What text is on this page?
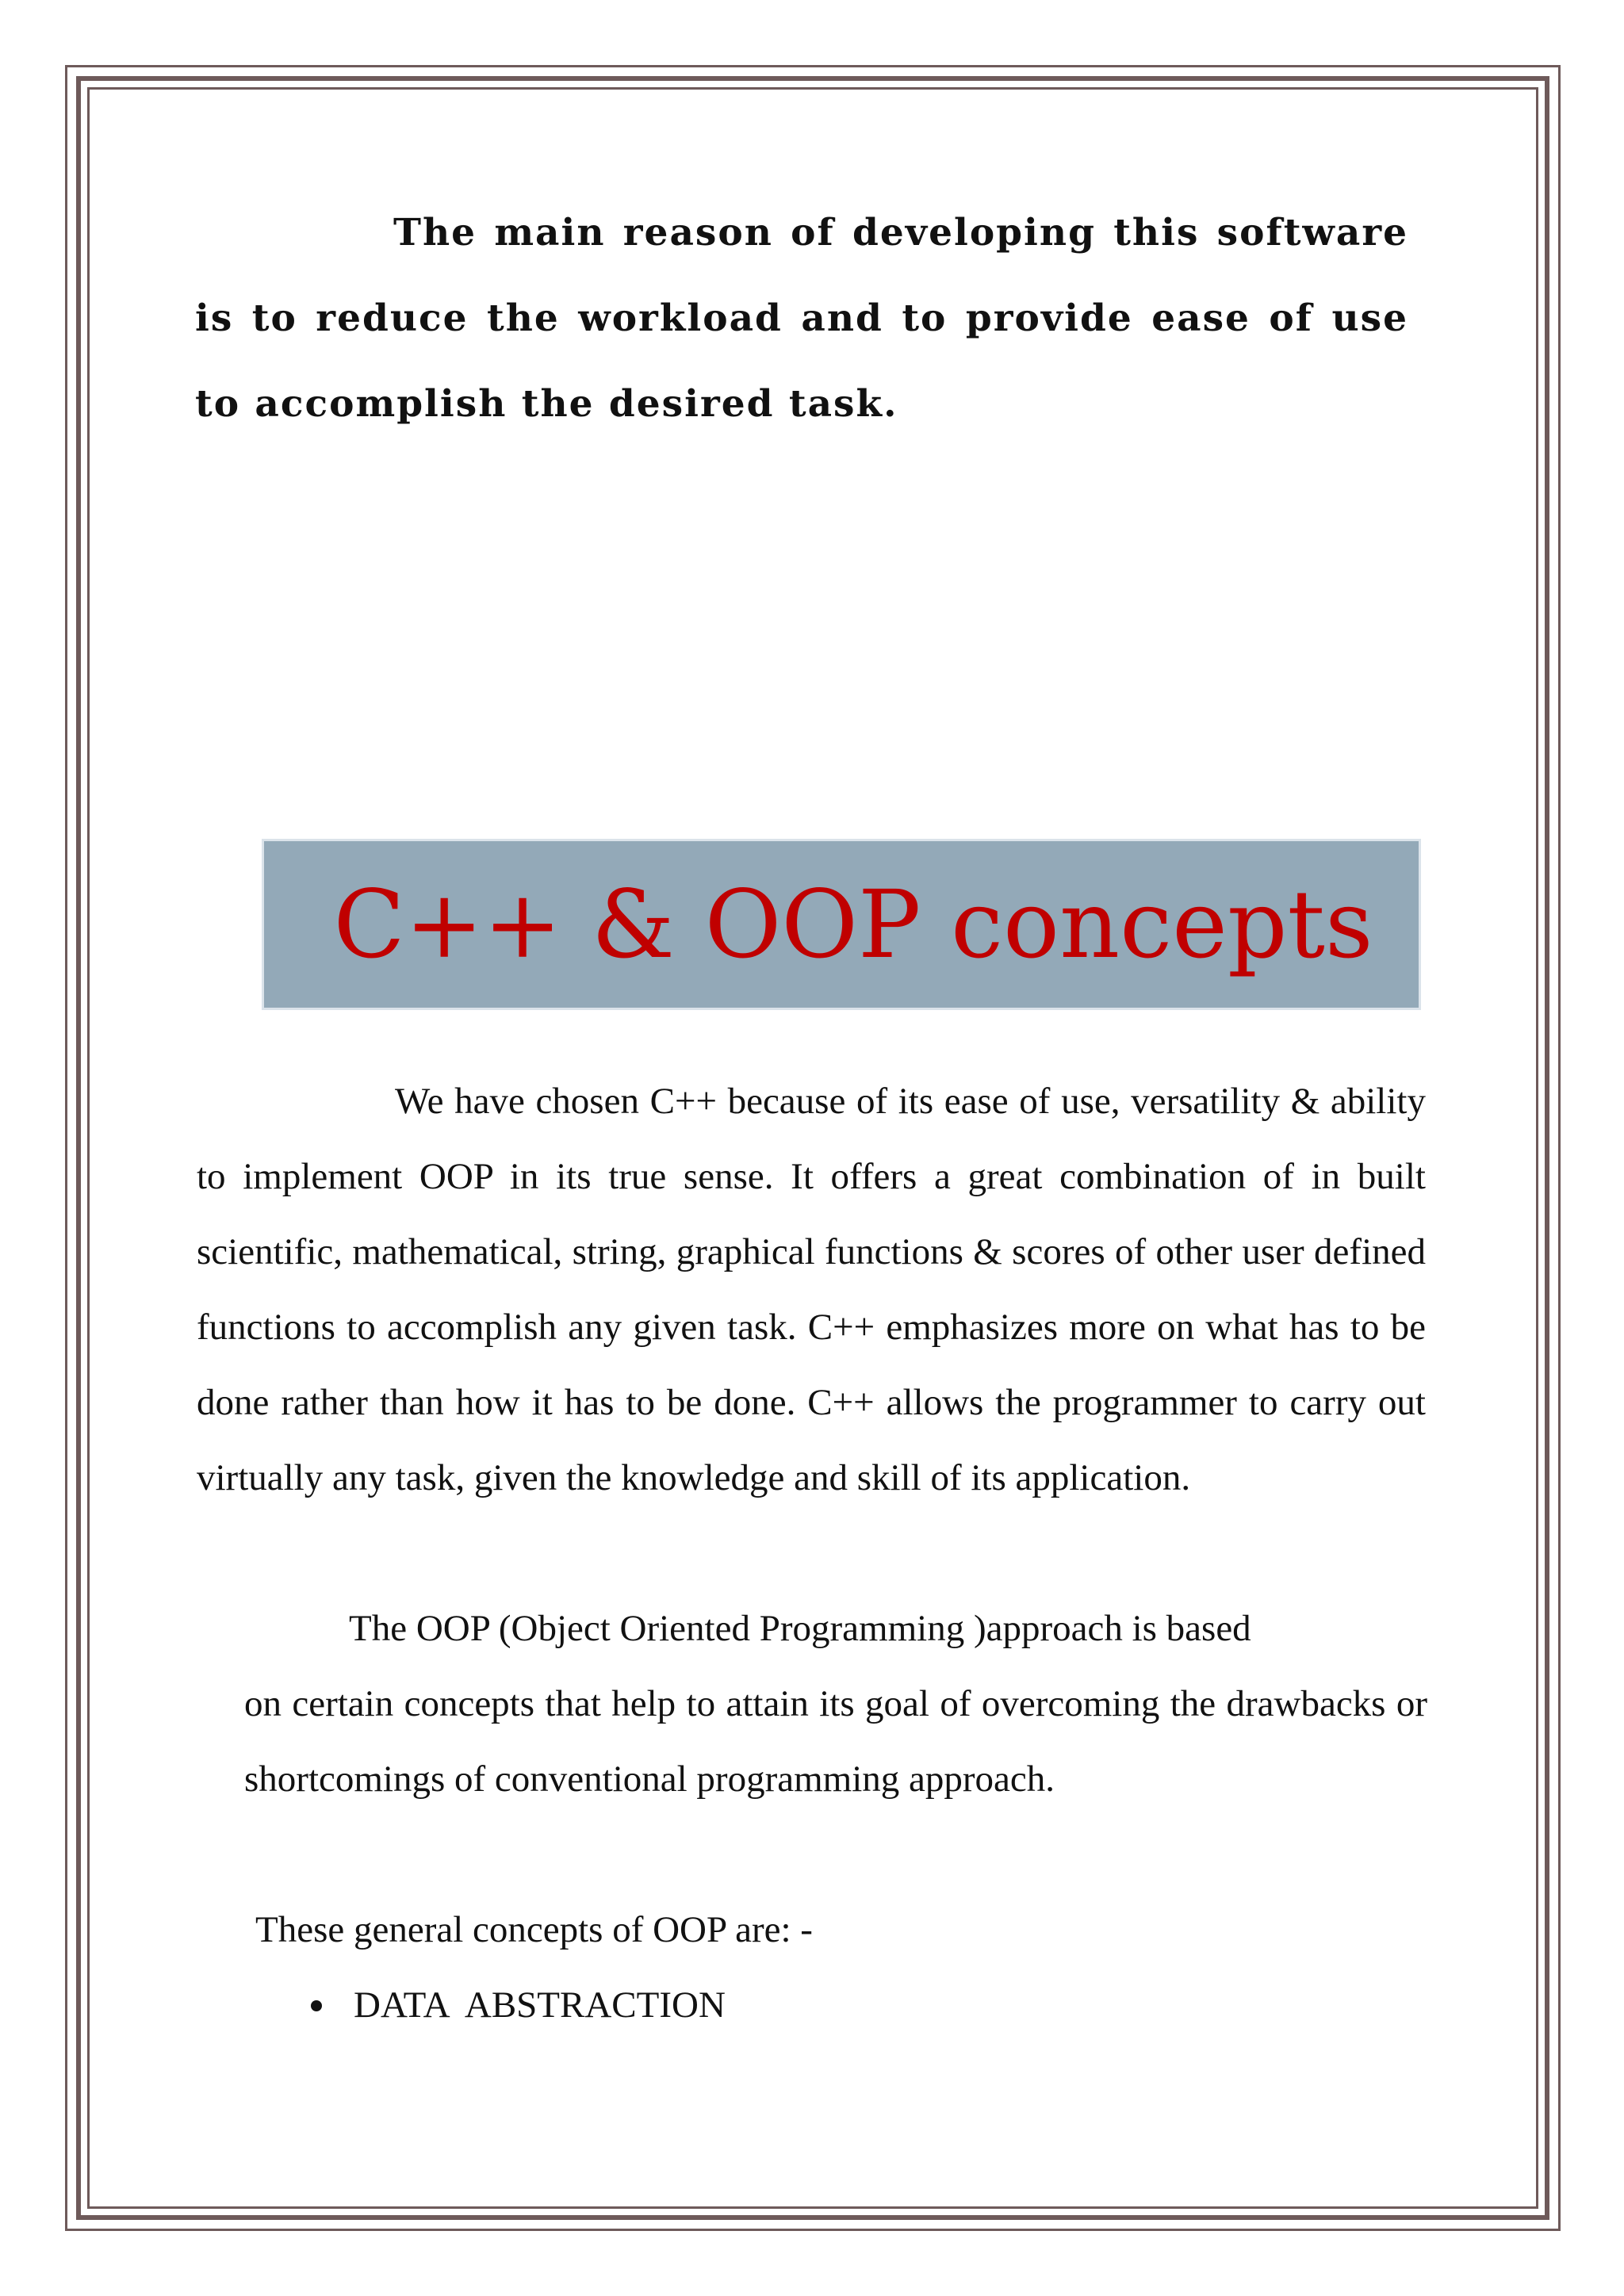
The main reason of developing this software is to reduce the workload and to provide ease of use to accomplish the desired task.

C++ & OOP concepts

We have chosen C++ because of its ease of use, versatility & ability to implement OOP in its true sense. It offers a great combination of in built scientific, mathematical, string, graphical functions & scores of other user defined functions to accomplish any given task. C++ emphasizes more on what has to be done rather than how it has to be done. C++ allows the programmer to carry out virtually any task, given the knowledge and skill of its application.

The OOP (Object Oriented Programming )approach is based

on certain concepts that help to attain its goal of overcoming the drawbacks or shortcomings of conventional programming approach.

These general concepts of OOP are: -

DATA  ABSTRACTION
